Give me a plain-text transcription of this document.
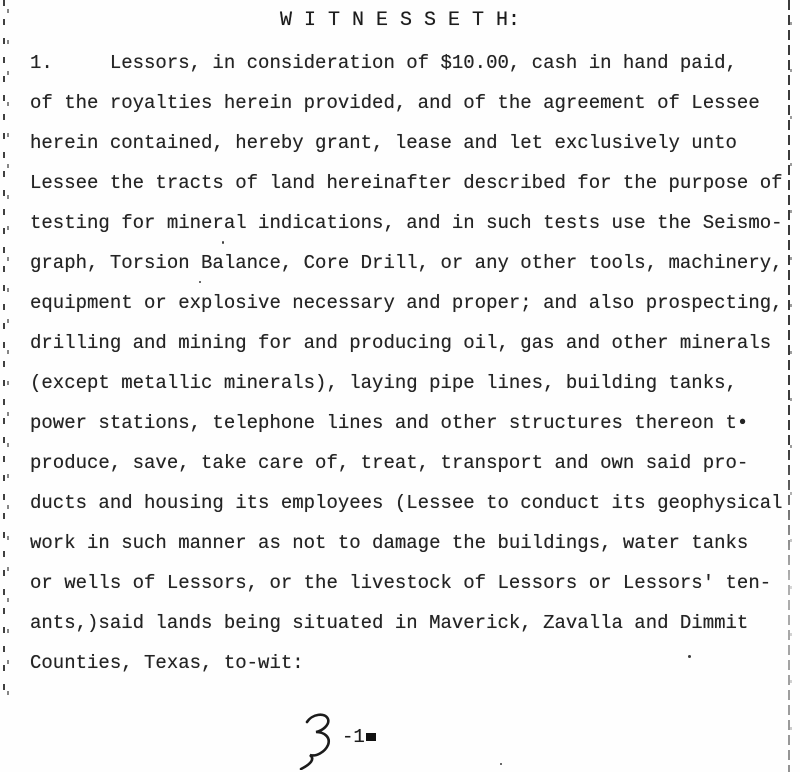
W I T N E S S E T H:
1.     Lessors, in consideration of $10.00, cash in hand paid,
of the royalties herein provided, and of the agreement of Lessee
herein contained, hereby grant, lease and let exclusively unto
Lessee the tracts of land hereinafter described for the purpose of
testing for mineral indications, and in such tests use the Seismo-
graph, Torsion Balance, Core Drill, or any other tools, machinery,
equipment or explosive necessary and proper; and also prospecting,
drilling and mining for and producing oil, gas and other minerals
(except metallic minerals), laying pipe lines, building tanks,
power stations, telephone lines and other structures thereon t•
produce, save, take care of, treat, transport and own said pro-
ducts and housing its employees (Lessee to conduct its geophysical
work in such manner as not to damage the buildings, water tanks
or wells of Lessors, or the livestock of Lessors or Lessors' ten-
ants,)said lands being situated in Maverick, Zavalla and Dimmit
Counties, Texas, to-wit:
-1
